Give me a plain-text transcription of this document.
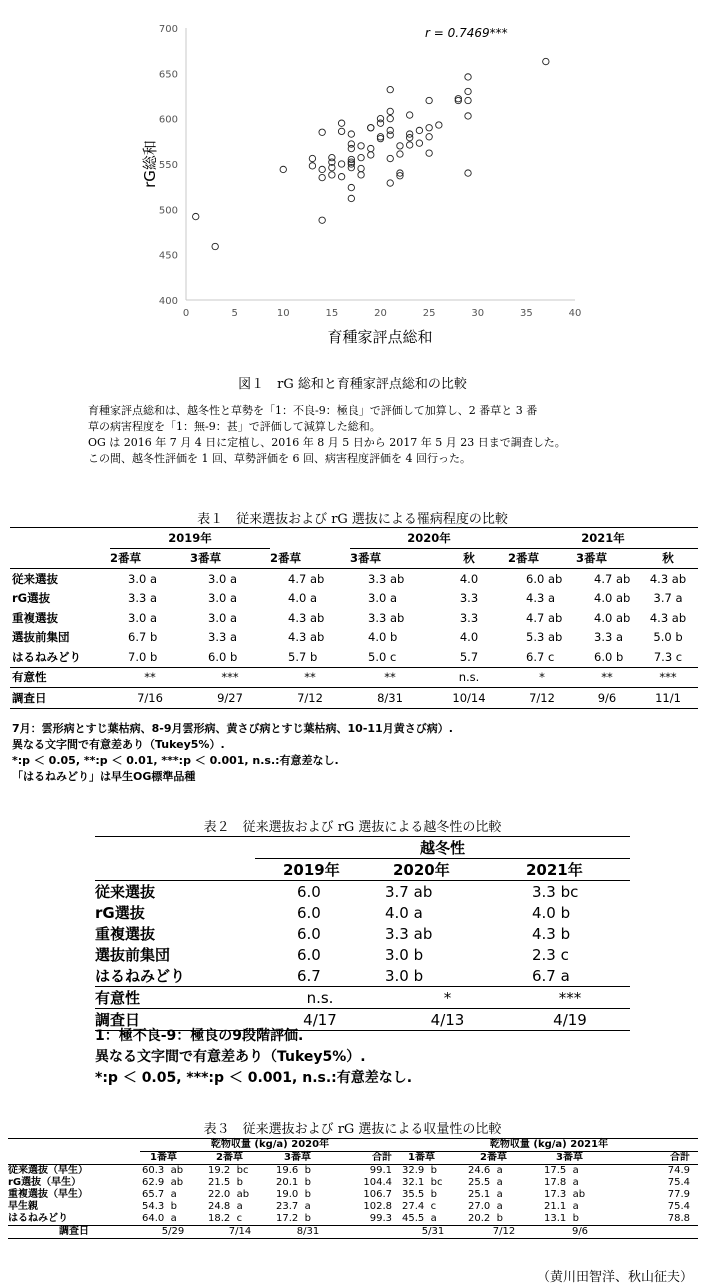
400
450
500
550
600
650
700
0	5	10	15	20	25	30	35	40
rG総和
育種家評点総和
r = 0.7469***
図１　rG 総和と育種家評点総和の比較
育種家評点総和は、越冬性と草勢を「1：不良-9：極良」で評価して加算し、2 番草と 3 番
草の病害程度を「1：無-9：甚」で評価して減算した総和。
OG は 2016 年 7 月 4 日に定植し、2016 年 8 月 5 日から 2017 年 5 月 23 日まで調査した。
この間、越冬性評価を 1 回、草勢評価を 6 回、病害程度評価を 4 回行った。
表１　従来選抜および rG 選抜による罹病程度の比較
	2019年			2020年		2021年		
	2番草	3番草	2番草	3番草	秋	2番草	3番草	秋
従来選抜	3.0 a	3.0 a	4.7 ab	3.3 ab	4.0	6.0 ab	4.7 ab	4.3 ab
rG選抜	3.3 a	3.0 a	4.0 a	3.0 a	3.3	4.3 a	4.0 ab	3.7 a
重複選抜	3.0 a	3.0 a	4.3 ab	3.3 ab	3.3	4.7 ab	4.0 ab	4.3 ab
選抜前集団	6.7 b	3.3 a	4.3 ab	4.0 b	4.0	5.3 ab	3.3 a	5.0 b
はるねみどり	7.0 b	6.0 b	5.7 b	5.0 c	5.7	6.7 c	6.0 b	7.3 c
有意性	**	***	**	**	n.s.	*	**	***
調査日	7/16	9/27	7/12	8/31	10/14	7/12	9/6	11/1
7月：雲形病とすじ葉枯病、8-9月雲形病、黄さび病とすじ葉枯病、10-11月黄さび病）.
異なる文字間で有意差あり（Tukey5%）.
*:p ＜ 0.05, **:p ＜ 0.01, ***:p ＜ 0.001, n.s.:有意差なし.
「はるねみどり」は早生OG標準品種
表２　従来選抜および rG 選抜による越冬性の比較
	越冬性		
	2019年	2020年	2021年
従来選抜	6.0	3.7 ab	3.3 bc
rG選抜	6.0	4.0 a	4.0 b
重複選抜	6.0	3.3 ab	4.3 b
選抜前集団	6.0	3.0 b	2.3 c
はるねみどり	6.7	3.0 b	6.7 a
有意性	n.s.	*	***
調査日	4/17	4/13	4/19
1：極不良-9：極良の9段階評価.
異なる文字間で有意差あり（Tukey5%）.
*:p ＜ 0.05, ***:p ＜ 0.001, n.s.:有意差なし.
表３　従来選抜および rG 選抜による収量性の比較
	乾物収量 (kg/a) 2020年				乾物収量 (kg/a) 2021年			
	1番草	2番草	3番草	合計	1番草	2番草	3番草	合計
従来選抜（早生）	60.3  ab	19.2  bc	19.6  b	99.1	32.9  b	24.6  a	17.5  a	74.9
rG選抜（早生）	62.9  ab	21.5  b	20.1  b	104.4	32.1  bc	25.5  a	17.8  a	75.4
重複選抜（早生）	65.7  a	22.0  ab	19.0  b	106.7	35.5  b	25.1  a	17.3  ab	77.9
早生親	54.3  b	24.8  a	23.7  a	102.8	27.4  c	27.0  a	21.1  a	75.4
はるねみどり	64.0  a	18.2  c	17.2  b	99.3	45.5  a	20.2  b	13.1  b	78.8
調査日	5/29	7/14	8/31		5/31	7/12	9/6	
（黄川田智洋、秋山征夫）
